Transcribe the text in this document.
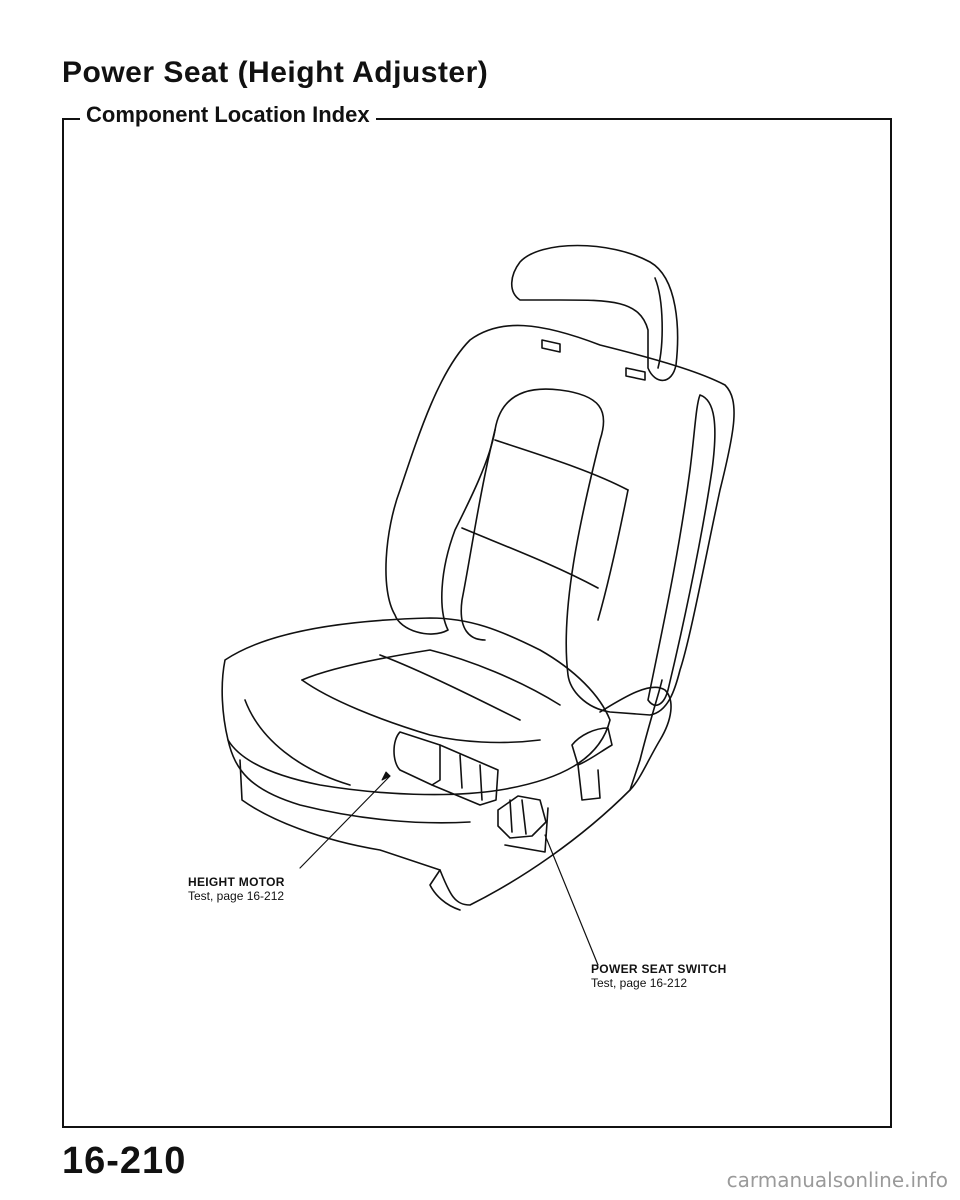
Power Seat (Height Adjuster)
Component Location Index
HEIGHT MOTOR
Test, page 16-212
POWER SEAT SWITCH
Test, page 16-212

16-210	carmanualsonline.info
